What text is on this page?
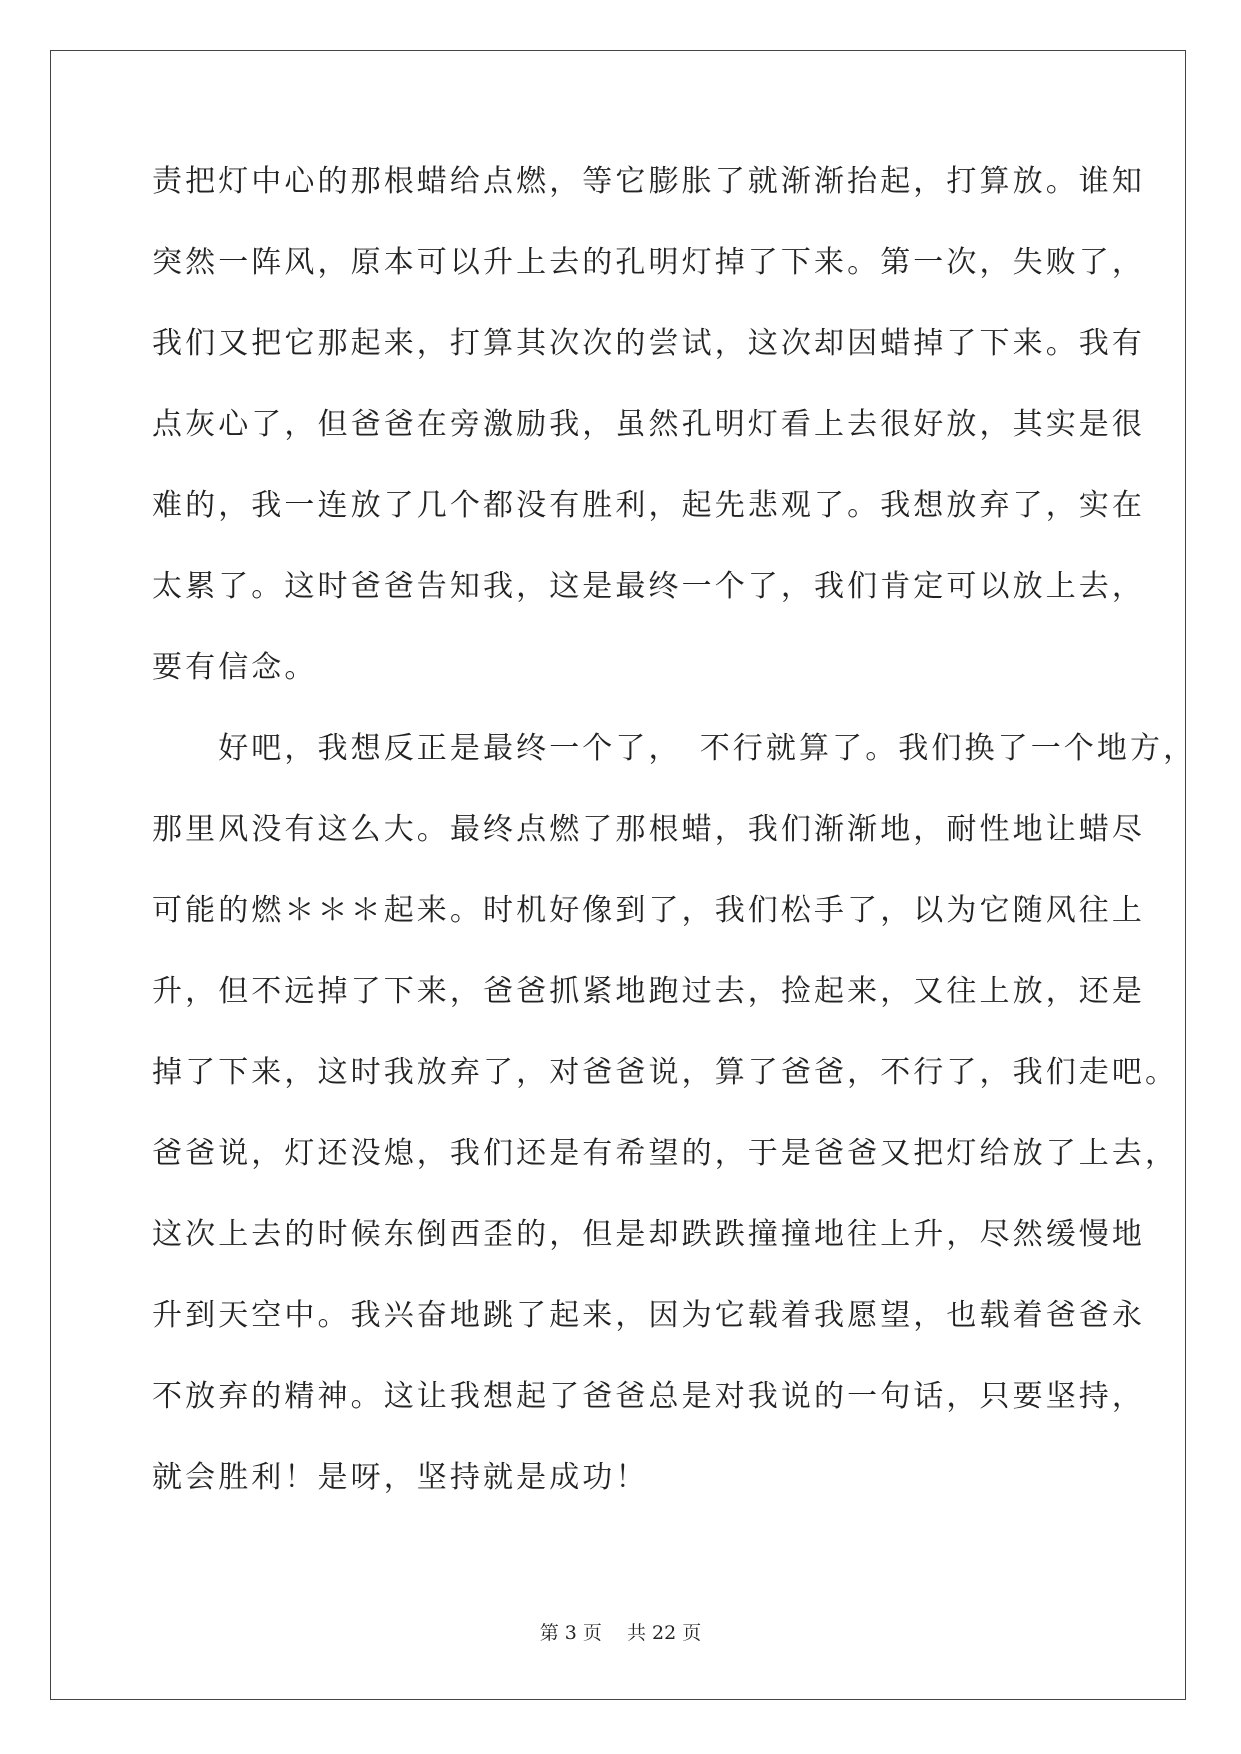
责把灯中心的那根蜡给点燃，等它膨胀了就渐渐抬起，打算放。谁知
突然一阵风，原本可以升上去的孔明灯掉了下来。第一次，失败了，
我们又把它那起来，打算其次次的尝试，这次却因蜡掉了下来。我有
点灰心了，但爸爸在旁激励我，虽然孔明灯看上去很好放，其实是很
难的，我一连放了几个都没有胜利，起先悲观了。我想放弃了，实在
太累了。这时爸爸告知我，这是最终一个了，我们肯定可以放上去，
要有信念。
　　好吧，我想反正是最终一个了，　不行就算了。我们换了一个地方，
那里风没有这么大。最终点燃了那根蜡，我们渐渐地，耐性地让蜡尽
可能的燃＊＊＊起来。时机好像到了，我们松手了，以为它随风往上
升，但不远掉了下来，爸爸抓紧地跑过去，捡起来，又往上放，还是
掉了下来，这时我放弃了，对爸爸说，算了爸爸，不行了，我们走吧。
爸爸说，灯还没熄，我们还是有希望的，于是爸爸又把灯给放了上去，
这次上去的时候东倒西歪的，但是却跌跌撞撞地往上升，尽然缓慢地
升到天空中。我兴奋地跳了起来，因为它载着我愿望，也载着爸爸永
不放弃的精神。这让我想起了爸爸总是对我说的一句话，只要坚持，
就会胜利！是呀，坚持就是成功！
第 3 页　 共 22 页
